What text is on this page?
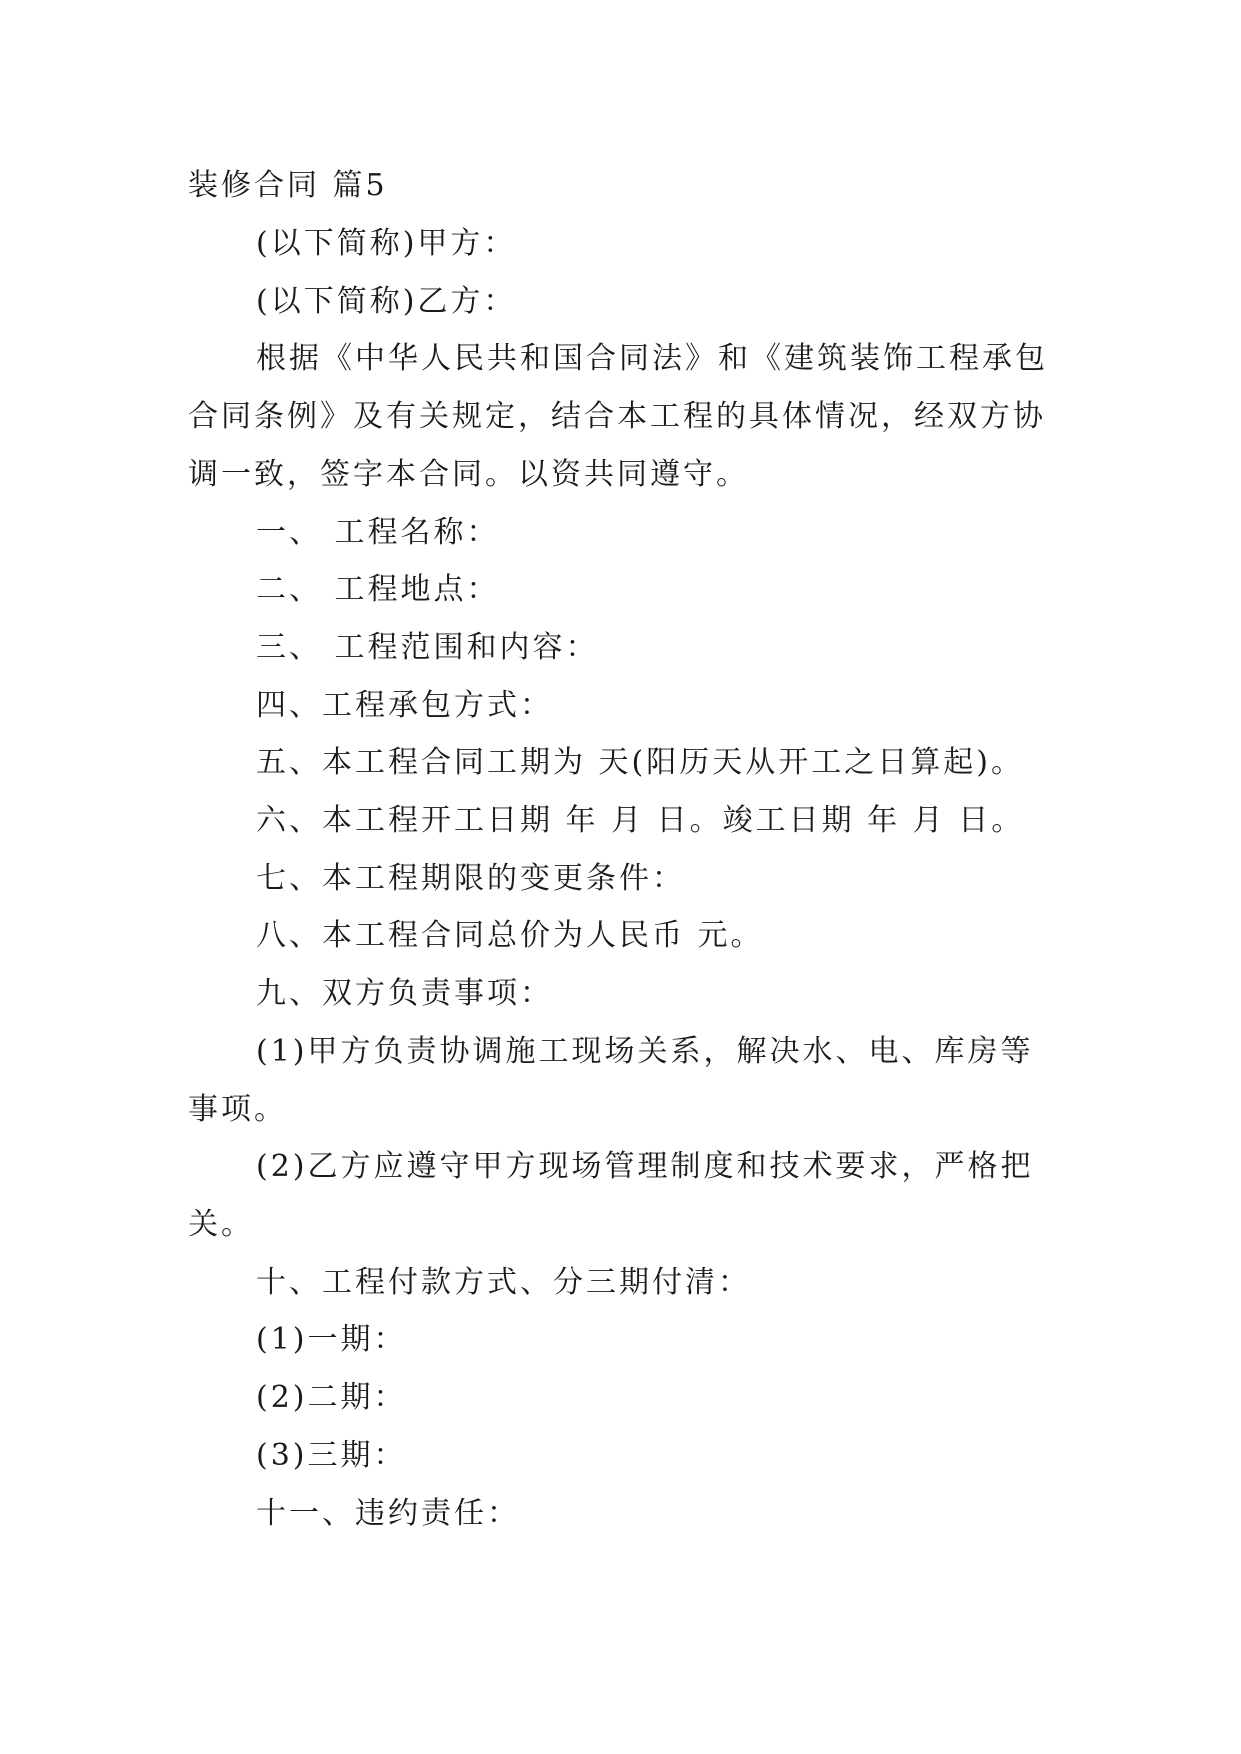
装修合同 篇5
(以下简称)甲方：
(以下简称)乙方：
根据《中华人民共和国合同法》和《建筑装饰工程承包
合同条例》及有关规定，结合本工程的具体情况，经双方协
调一致，签字本合同。以资共同遵守。
一、 工程名称：
二、 工程地点：
三、 工程范围和内容：
四、工程承包方式：
五、本工程合同工期为 天(阳历天从开工之日算起)。
六、本工程开工日期 年 月 日。竣工日期 年 月 日。
七、本工程期限的变更条件：
八、本工程合同总价为人民币 元。
九、双方负责事项：
(1)甲方负责协调施工现场关系，解决水、电、库房等
事项。
(2)乙方应遵守甲方现场管理制度和技术要求，严格把
关。
十、工程付款方式、分三期付清：
(1)一期：
(2)二期：
(3)三期：
十一、违约责任：
